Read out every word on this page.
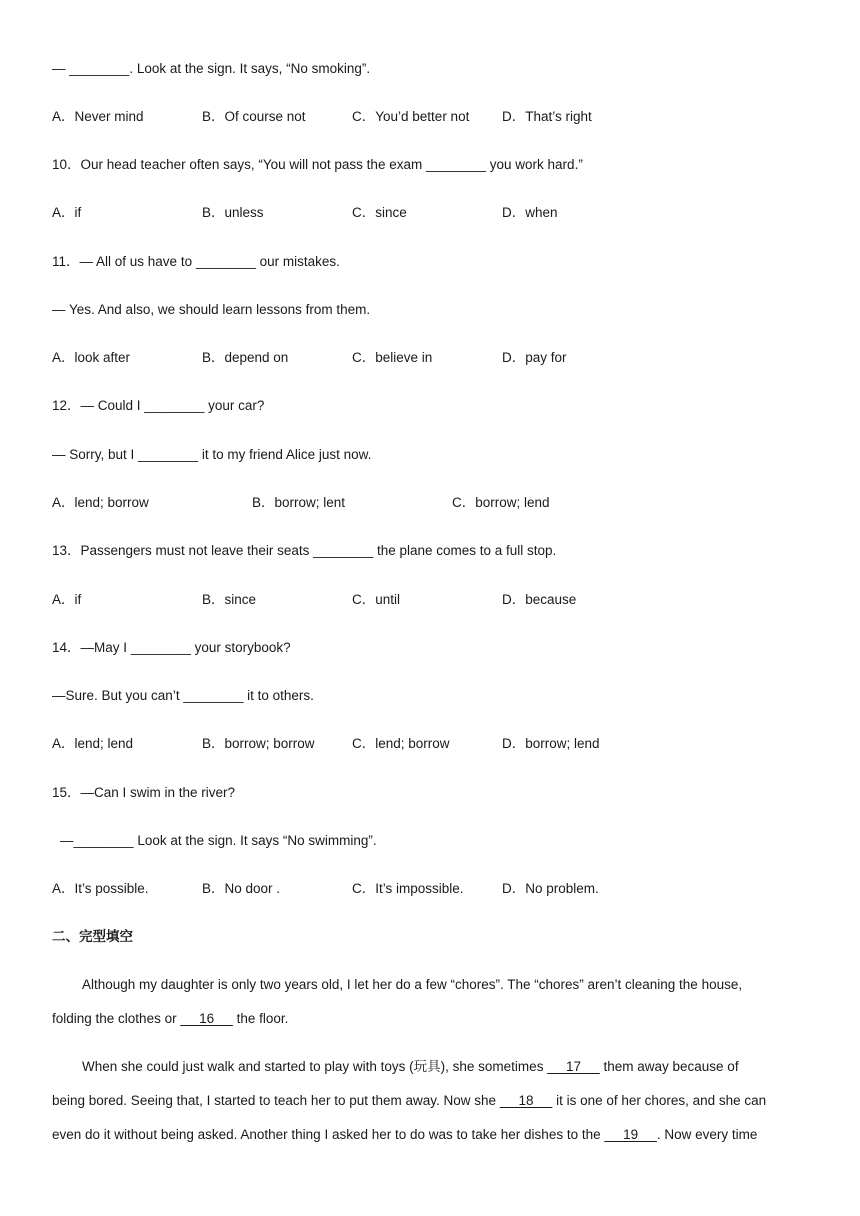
— ________. Look at the sign. It says, “No smoking”.
A．Never mind	B．Of course not	C．You’d better not D．That’s right
10．Our head teacher often says, “You will not pass the exam ________ you work hard.”
A．if	B．unless	C．since	D．when
11．— All of us have to ________ our mistakes.
— Yes. And also, we should learn lessons from them.
A．look after	B．depend on	C．believe in	D．pay for
12．— Could I ________ your car?
— Sorry, but I ________ it to my friend Alice just now.
A．lend; borrow	B．borrow; lent	C．borrow; lend
13．Passengers must not leave their seats ________ the plane comes to a full stop.
A．if	B．since	C．until	D．because
14．—May I ________ your storybook?
—Sure. But you can’t ________ it to others.
A．lend; lend	B．borrow; borrow	C．lend; borrow	D．borrow; lend
15．—Can I swim in the river?
—________ Look at the sign. It says “No swimming”.
A．It’s possible.	B．No door .	C．It’s impossible.	D．No problem.
二、完型填空
Although my daughter is only two years old, I let her do a few “chores”. The “chores” aren’t cleaning the house,
folding the clothes or      16      the floor.
When she could just walk and started to play with toys (玩具), she sometimes      17      them away because of
being bored. Seeing that, I started to teach her to put them away. Now she      18      it is one of her chores, and she can
even do it without being asked. Another thing I asked her to do was to take her dishes to the      19     . Now every time
